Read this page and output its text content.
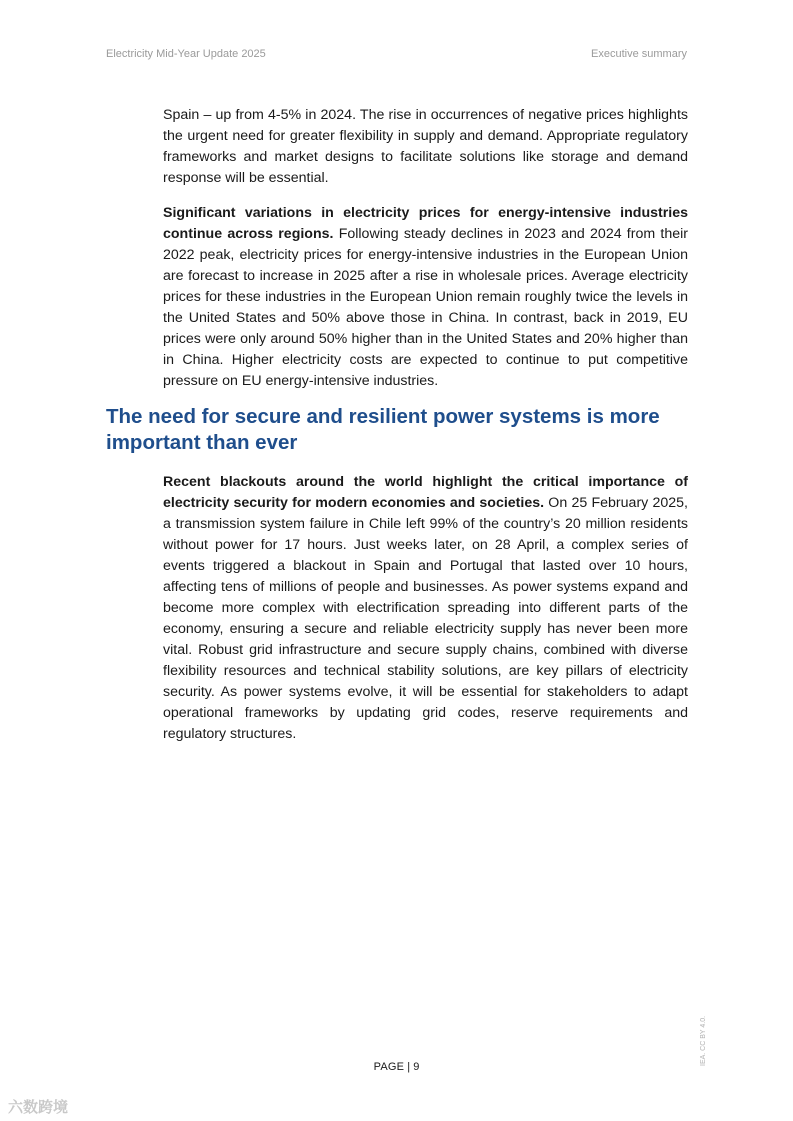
Electricity Mid-Year Update 2025	Executive summary

Spain – up from 4-5% in 2024. The rise in occurrences of negative prices highlights the urgent need for greater flexibility in supply and demand. Appropriate regulatory frameworks and market designs to facilitate solutions like storage and demand response will be essential.

Significant variations in electricity prices for energy-intensive industries continue across regions. Following steady declines in 2023 and 2024 from their 2022 peak, electricity prices for energy-intensive industries in the European Union are forecast to increase in 2025 after a rise in wholesale prices. Average electricity prices for these industries in the European Union remain roughly twice the levels in the United States and 50% above those in China. In contrast, back in 2019, EU prices were only around 50% higher than in the United States and 20% higher than in China. Higher electricity costs are expected to continue to put competitive pressure on EU energy-intensive industries.

The need for secure and resilient power systems is more important than ever

Recent blackouts around the world highlight the critical importance of electricity security for modern economies and societies. On 25 February 2025, a transmission system failure in Chile left 99% of the country’s 20 million residents without power for 17 hours. Just weeks later, on 28 April, a complex series of events triggered a blackout in Spain and Portugal that lasted over 10 hours, affecting tens of millions of people and businesses. As power systems expand and become more complex with electrification spreading into different parts of the economy, ensuring a secure and reliable electricity supply has never been more vital. Robust grid infrastructure and secure supply chains, combined with diverse flexibility resources and technical stability solutions, are key pillars of electricity security. As power systems evolve, it will be essential for stakeholders to adapt operational frameworks by updating grid codes, reserve requirements and regulatory structures.

PAGE | 9
IEA. CC BY 4.0.
六数跨境
